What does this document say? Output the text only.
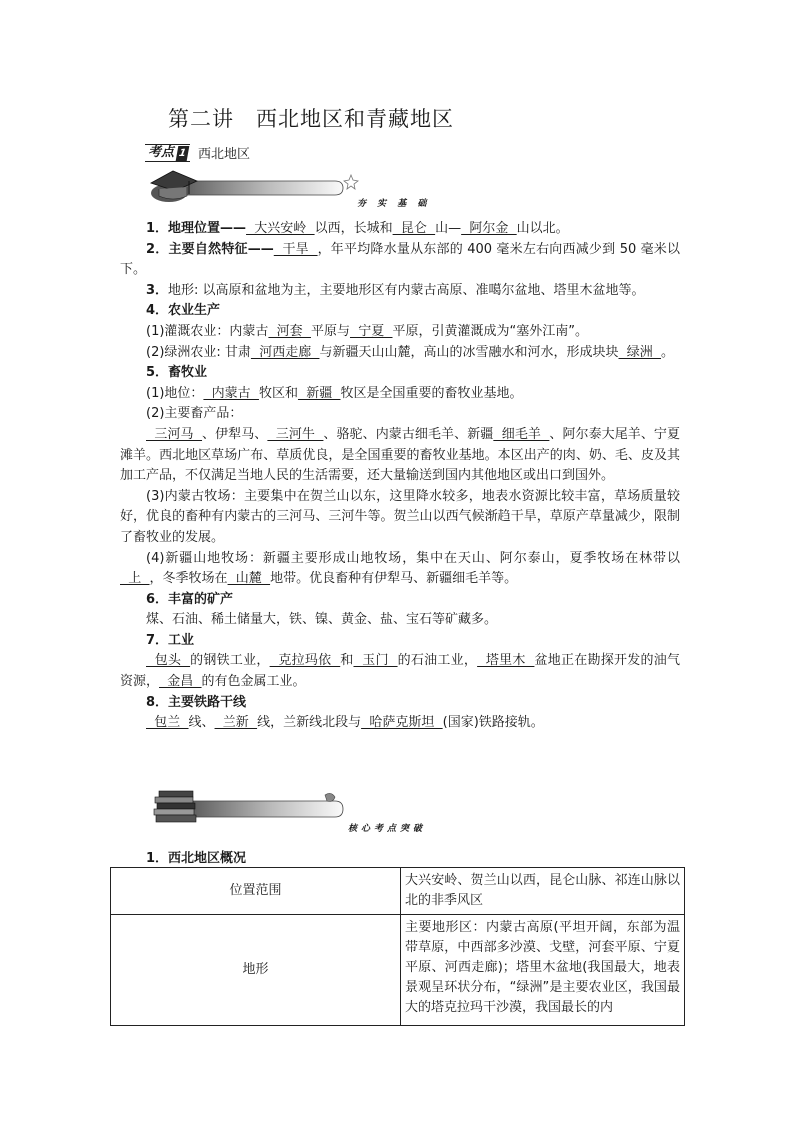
第二讲 西北地区和青藏地区
考点 1 西北地区
夯 实 基 础

1．地理位置——  大兴安岭  以西，长城和  昆仑  山—  阿尔金  山以北。

2．主要自然特征——  干旱  ，年平均降水量从东部的 400 毫米左右向西减少到 50 毫米以下。

3．地形: 以高原和盆地为主，主要地形区有内蒙古高原、准噶尔盆地、塔里木盆地等。

4．农业生产

(1)灌溉农业：内蒙古  河套  平原与  宁夏  平原，引黄灌溉成为“塞外江南”。

(2)绿洲农业: 甘肃  河西走廊  与新疆天山山麓，高山的冰雪融水和河水，形成块块  绿洲  。

5．畜牧业

(1)地位：  内蒙古  牧区和  新疆  牧区是全国重要的畜牧业基地。

(2)主要畜产品：

三河马  、伊犁马、  三河牛  、骆驼、内蒙古细毛羊、新疆  细毛羊  、阿尔泰大尾羊、宁夏滩羊。西北地区草场广布、草质优良，是全国重要的畜牧业基地。本区出产的肉、奶、毛、皮及其加工产品，不仅满足当地人民的生活需要，还大量输送到国内其他地区或出口到国外。

(3)内蒙古牧场：主要集中在贺兰山以东，这里降水较多，地表水资源比较丰富，草场质量较好，优良的畜种有内蒙古的三河马、三河牛等。贺兰山以西气候渐趋干旱，草原产草量减少，限制了畜牧业的发展。

(4)新疆山地牧场：新疆主要形成山地牧场，集中在天山、阿尔泰山，夏季牧场在林带以  上  ，冬季牧场在  山麓  地带。优良畜种有伊犁马、新疆细毛羊等。

6．丰富的矿产

煤、石油、稀土储量大，铁、镍、黄金、盐、宝石等矿藏多。

7．工业

包头  的钢铁工业，  克拉玛依  和  玉门  的石油工业，  塔里木  盆地正在勘探开发的油气资源，  金昌  的有色金属工业。

8．主要铁路干线

包兰  线、  兰新  线，兰新线北段与  哈萨克斯坦  (国家)铁路接轨。

核心考点突破
1．西北地区概况
位置范围	大兴安岭、贺兰山以西，昆仑山脉、祁连山脉以北的非季风区
地形	主要地形区：内蒙古高原(平坦开阔，东部为温带草原，中西部多沙漠、戈壁，河套平原、宁夏平原、河西走廊)；塔里木盆地(我国最大，地表景观呈环状分布，“绿洲”是主要农业区，我国最大的塔克拉玛干沙漠，我国最长的内
